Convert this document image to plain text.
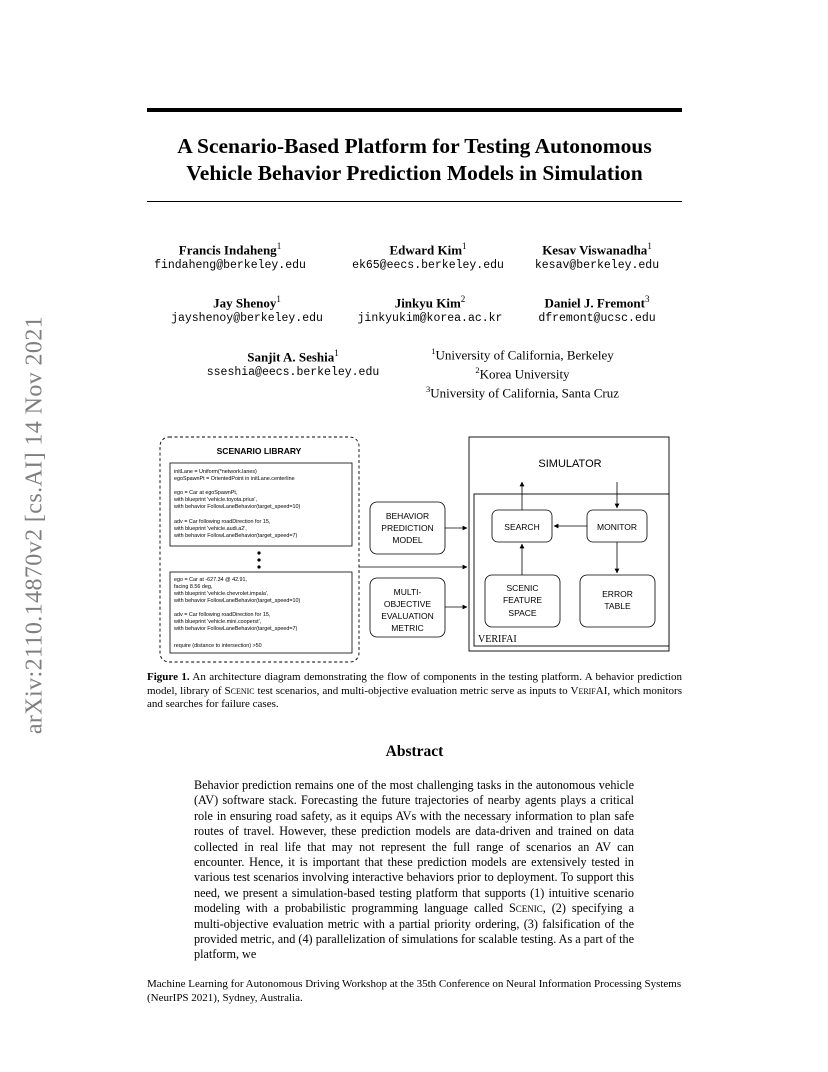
arXiv:2110.14870v2 [cs.AI] 14 Nov 2021
A Scenario-Based Platform for Testing Autonomous
Vehicle Behavior Prediction Models in Simulation
Francis Indaheng$^1$
findaheng@berkeley.edu
Edward Kim$^1$
ek65@eecs.berkeley.edu
Kesav Viswanadha$^1$
kesav@berkeley.edu
Jay Shenoy$^1$
jayshenoy@berkeley.edu
Jinkyu Kim$^2$
jinkyukim@korea.ac.kr
Daniel J. Fremont$^3$
dfremont@ucsc.edu
Sanjit A. Seshia$^1$
sseshia@eecs.berkeley.edu
$^1$University of California, Berkeley
$^2$Korea University
$^3$University of California, Santa Cruz
SCENARIO LIBRARY
initLane = Uniform(*network.lanes)
egoSpawnPt = OrientedPoint in initLane.centerline
ego = Car at egoSpawnPt,
with blueprint 'vehicle.toyota.prius',
with behavior FollowLaneBehavior(target_speed=10)
adv = Car following roadDirection for 15,
with blueprint 'vehicle.audi.a2',
with behavior FollowLaneBehavior(target_speed=7)
ego = Car at -627.34 @ 42.91,
facing 8.56 deg,
with blueprint 'vehicle.chevrolet.impala',
with behavior FollowLaneBehavior(target_speed=10)
adv = Car following roadDirection for 15,
with blueprint 'vehicle.mini.cooperst',
with behavior FollowLaneBehavior(target_speed=7)
require (distance to intersection) >50
BEHAVIOR
PREDICTION
MODEL
MULTI-
OBJECTIVE
EVALUATION
METRIC
SIMULATOR
VERIFAI
SEARCH	MONITOR
SCENIC
FEATURE
SPACE
ERROR
TABLE
Figure 1. An architecture diagram demonstrating the flow of components in the testing platform. A behavior prediction model, library of Scenic test scenarios, and multi-objective evaluation metric serve as inputs to VerifAI, which monitors and searches for failure cases.
Abstract

Behavior prediction remains one of the most challenging tasks in the autonomous vehicle (AV) software stack. Forecasting the future trajectories of nearby agents plays a critical role in ensuring road safety, as it equips AVs with the necessary information to plan safe routes of travel. However, these prediction models are data-driven and trained on data collected in real life that may not represent the full range of scenarios an AV can encounter. Hence, it is important that these prediction models are extensively tested in various test scenarios involving interactive behaviors prior to deployment. To support this need, we present a simulation-based testing platform that supports (1) intuitive scenario modeling with a probabilistic programming language called Scenic, (2) specifying a multi-objective evaluation metric with a partial priority ordering, (3) falsification of the provided metric, and (4) parallelization of simulations for scalable testing. As a part of the platform, we

Machine Learning for Autonomous Driving Workshop at the 35th Conference on Neural Information Processing Systems (NeurIPS 2021), Sydney, Australia.
